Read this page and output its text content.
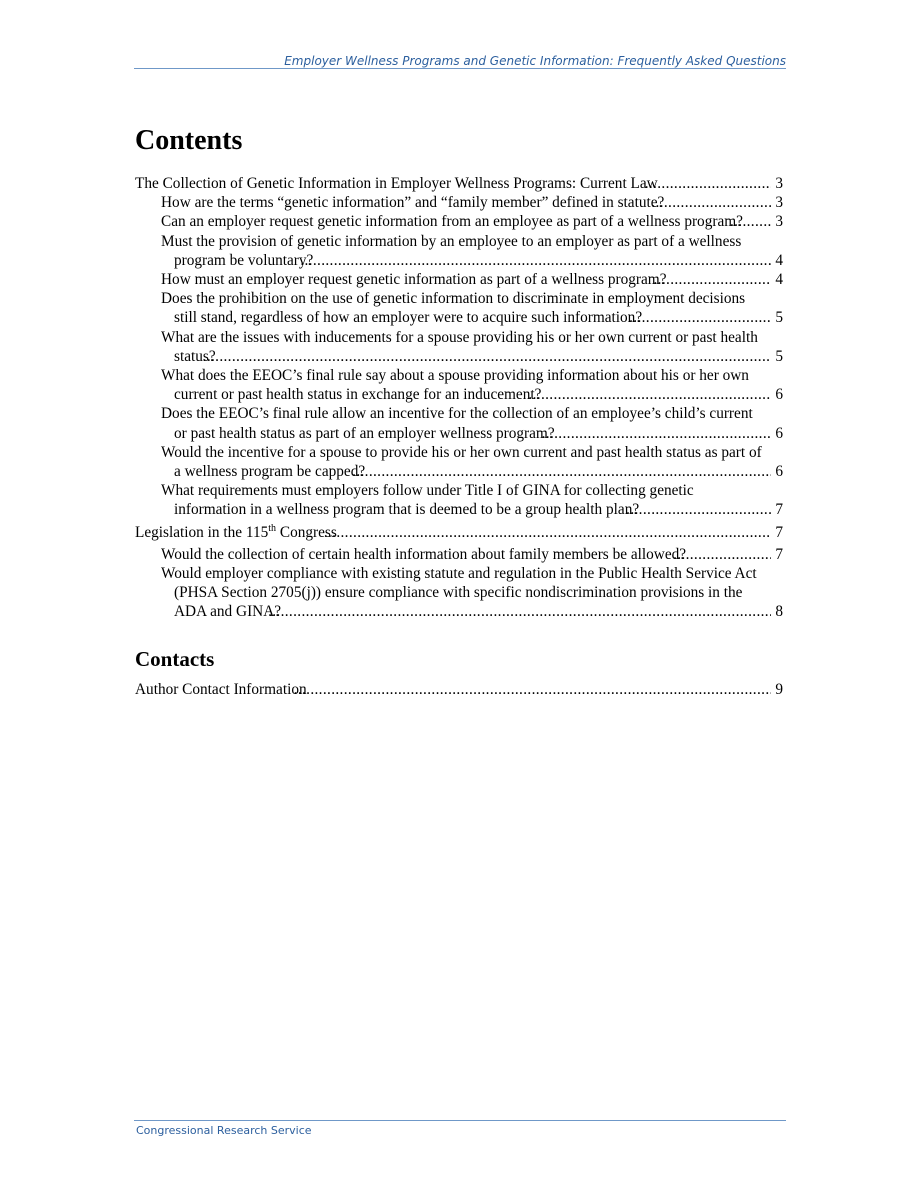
Employer Wellness Programs and Genetic Information: Frequently Asked Questions
Contents
The Collection of Genetic Information in Employer Wellness Programs: Current Law .....	3
How are the terms “genetic information” and “family member” defined in statute? .....	3
Can an employer request genetic information from an employee as part of a wellness program? ..... 3
Must the provision of genetic information by an employee to an employer as part of a wellness program be voluntary? .....	4
How must an employer request genetic information as part of a wellness program? .....	4
Does the prohibition on the use of genetic information to discriminate in employment decisions still stand, regardless of how an employer were to acquire such information? .....	5
What are the issues with inducements for a spouse providing his or her own current or past health status? .....	5
What does the EEOC’s final rule say about a spouse providing information about his or her own current or past health status in exchange for an inducement? .....	6
Does the EEOC’s final rule allow an incentive for the collection of an employee’s child’s current or past health status as part of an employer wellness program? .....	6
Would the incentive for a spouse to provide his or her own current and past health status as part of a wellness program be capped? .....	6
What requirements must employers follow under Title I of GINA for collecting genetic information in a wellness program that is deemed to be a group health plan? .....	7
Legislation in the 115th Congress .....	7
Would the collection of certain health information about family members be allowed? .....	7
Would employer compliance with existing statute and regulation in the Public Health Service Act (PHSA Section 2705(j)) ensure compliance with specific nondiscrimination provisions in the ADA and GINA? .....	8
Contacts
Author Contact Information .....	9
Congressional Research Service
